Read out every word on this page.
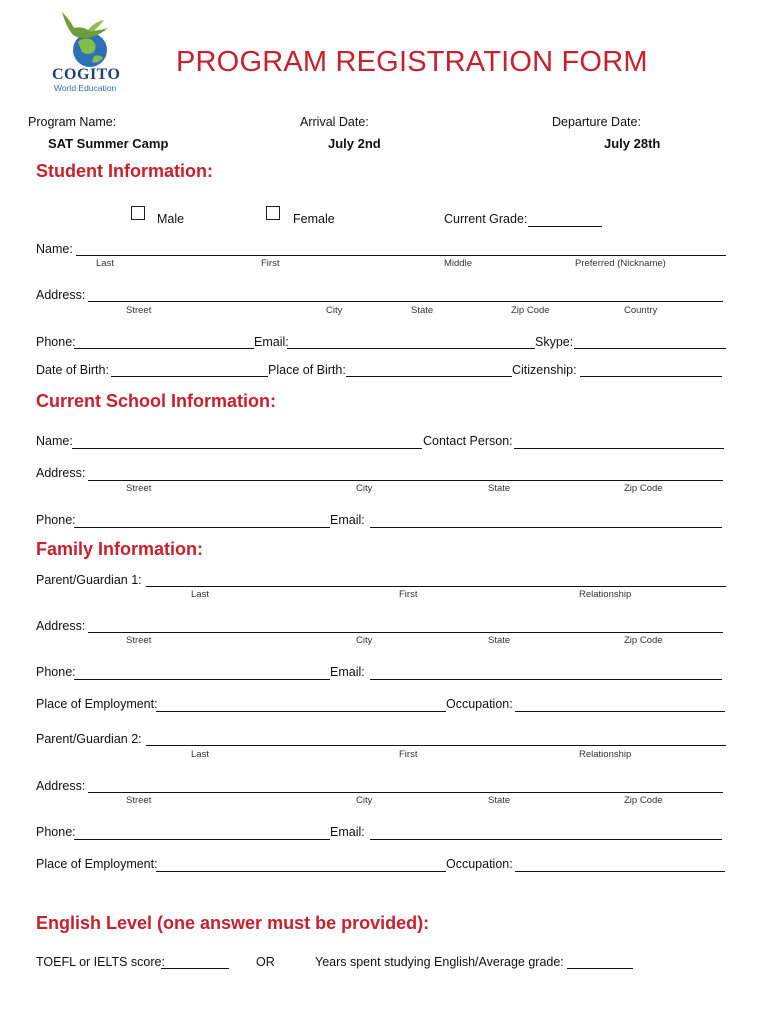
COGITO
World Education
PROGRAM REGISTRATION FORM
Program Name:
SAT Summer Camp
Arrival Date:
July 2nd
Departure Date:
July 28th
Student Information:
Male	Female	Current Grade:
Name:
Last	First	Middle	Preferred (Nickname)
Address:
Street	City	State	Zip Code	Country
Phone:	Email:	Skype:
Date of Birth:	Place of Birth:	Citizenship:
Current School Information:
Name:	Contact Person:
Address:
Street	City	State	Zip Code
Phone:	Email:
Family Information:
Parent/Guardian 1:
Last	First	Relationship
Address:
Street	City	State	Zip Code
Phone:	Email:
Place of Employment:	Occupation:
Parent/Guardian 2:
Last	First	Relationship
Address:
Street	City	State	Zip Code
Phone:	Email:
Place of Employment:	Occupation:
English Level (one answer must be provided):
TOEFL or IELTS score:	OR	Years spent studying English/Average grade:
